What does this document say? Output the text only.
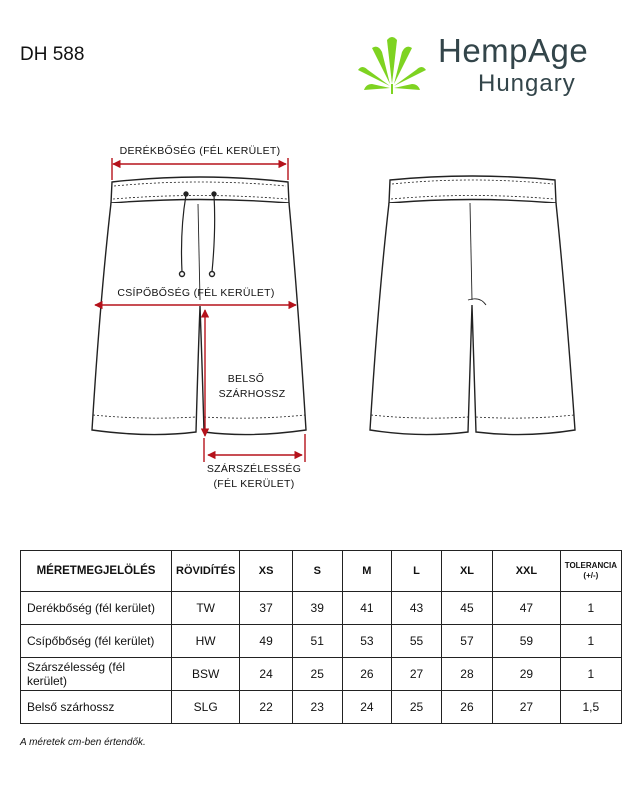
DH 588	HempAge
Hungary
DERÉKBŐSÉG (FÉL KERÜLET)
CSÍPŐBŐSÉG (FÉL KERÜLET)
BELSŐ
SZÁRHOSSZ
SZÁRSZÉLESSÉG
(FÉL KERÜLET)
MÉRETMEGJELÖLÉS	RÖVIDÍTÉS	XS	S	M	L	XL	XXL	TOLERANCIA
(+/-)

Derékbőség (fél kerület)	TW	37	39	41	43	45	47	1
Csípőbőség (fél kerület)	HW	49	51	53	55	57	59	1
Szárszélesség (fél kerület)	BSW	24	25	26	27	28	29	1
Belső szárhossz	SLG	22	23	24	25	26	27	1,5
A méretek cm-ben értendők.
